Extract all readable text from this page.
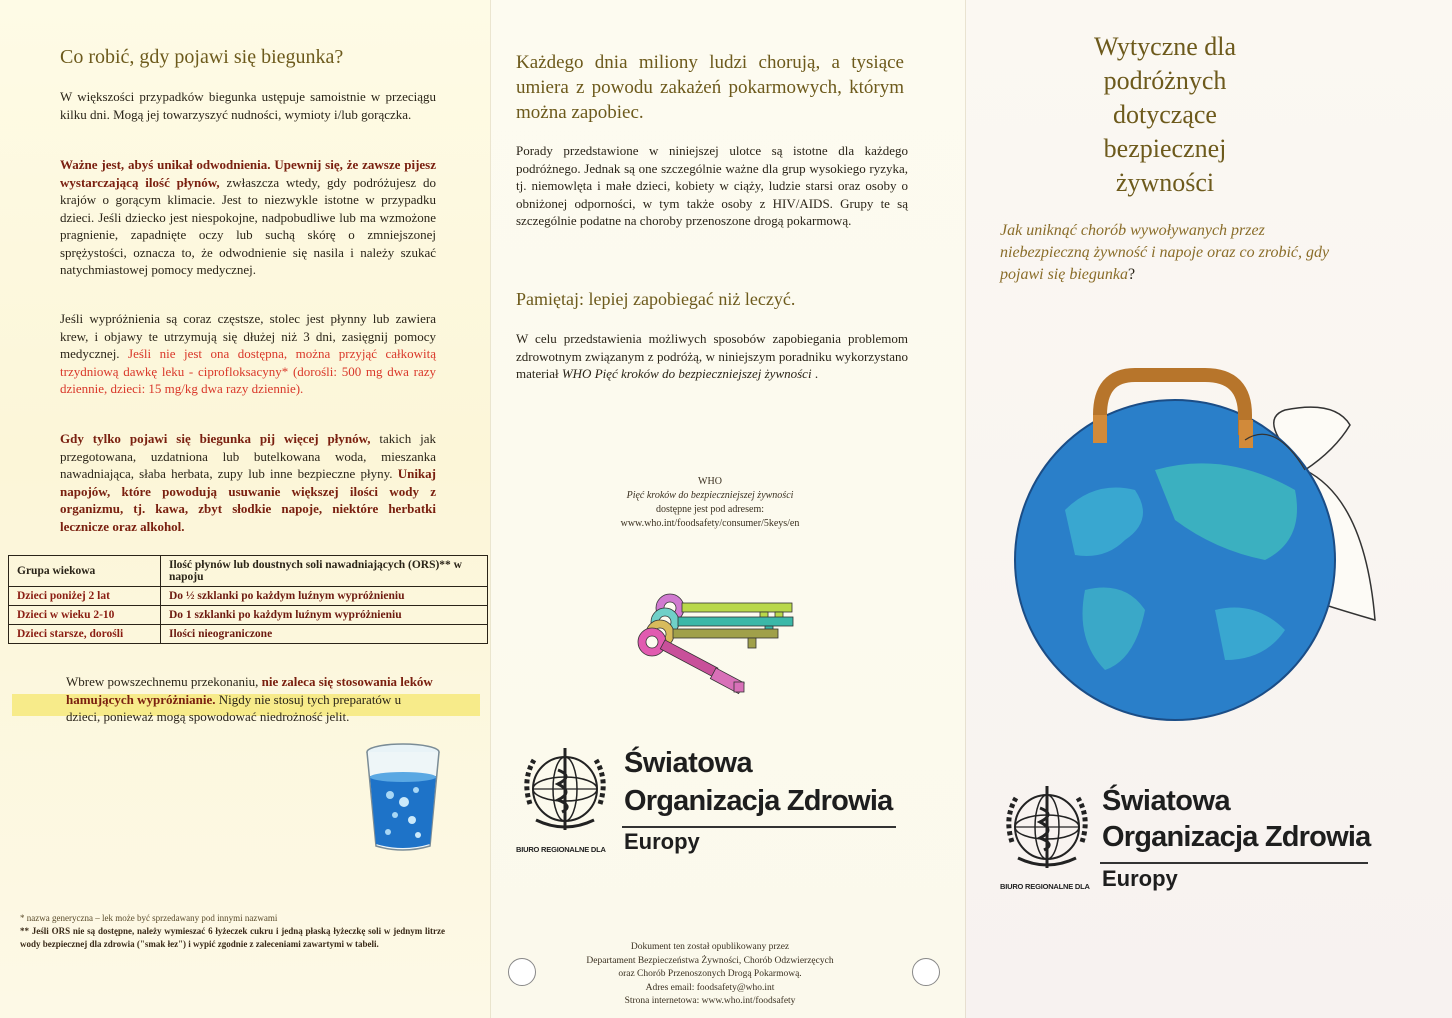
Co robić, gdy pojawi się biegunka?
W większości przypadków biegunka ustępuje samoistnie w przeciągu kilku dni. Mogą jej towarzyszyć nudności, wymioty i/lub gorączka.
Ważne jest, abyś unikał odwodnienia. Upewnij się, że zawsze pijesz wystarczającą ilość płynów, zwłaszcza wtedy, gdy podróżujesz do krajów o gorącym klimacie. Jest to niezwykle istotne w przypadku dzieci. Jeśli dziecko jest niespokojne, nadpobudliwe lub ma wzmożone pragnienie, zapadnięte oczy lub suchą skórę o zmniejszonej sprężystości, oznacza to, że odwodnienie się nasila i należy szukać natychmiastowej pomocy medycznej.
Jeśli wypróżnienia są coraz częstsze, stolec jest płynny lub zawiera krew, i objawy te utrzymują się dłużej niż 3 dni, zasięgnij pomocy medycznej. Jeśli nie jest ona dostępna, można przyjąć całkowitą trzydniową dawkę leku - ciprofloksacyny* (dorośli: 500 mg dwa razy dziennie, dzieci: 15 mg/kg dwa razy dziennie).
Gdy tylko pojawi się biegunka pij więcej płynów, takich jak przegotowana, uzdatniona lub butelkowana woda, mieszanka nawadniająca, słaba herbata, zupy lub inne bezpieczne płyny. Unikaj napojów, które powodują usuwanie większej ilości wody z organizmu, tj. kawa, zbyt słodkie napoje, niektóre herbatki lecznicze oraz alkohol.
Grupa wiekowa	Ilość płynów lub doustnych soli nawadniających (ORS)** w napoju
Dzieci poniżej 2 lat	Do ½ szklanki po każdym luźnym wypróżnieniu
Dzieci w wieku 2-10	Do 1 szklanki po każdym luźnym wypróżnieniu
Dzieci starsze, dorośli	Ilości nieograniczone
Wbrew powszechnemu przekonaniu, nie zaleca się stosowania leków hamujących wypróżnianie. Nigdy nie stosuj tych preparatów u dzieci, ponieważ mogą spowodować niedrożność jelit.
* nazwa generyczna – lek może być sprzedawany pod innymi nazwami
** Jeśli ORS nie są dostępne, należy wymieszać 6 łyżeczek cukru i jedną płaską łyżeczkę soli w jednym litrze wody bezpiecznej dla zdrowia ("smak łez") i wypić zgodnie z zaleceniami zawartymi w tabeli.
Każdego dnia miliony ludzi chorują, a tysiące umiera z powodu zakażeń pokarmowych, którym można zapobiec.
Porady przedstawione w niniejszej ulotce są istotne dla każdego podróżnego. Jednak są one szczególnie ważne dla grup wysokiego ryzyka, tj. niemowlęta i małe dzieci, kobiety w ciąży, ludzie starsi oraz osoby o obniżonej odporności, w tym także osoby z HIV/AIDS. Grupy te są szczególnie podatne na choroby przenoszone drogą pokarmową.
Pamiętaj: lepiej zapobiegać niż leczyć.
W celu przedstawienia możliwych sposobów zapobiegania problemom zdrowotnym związanym z podróżą, w niniejszym poradniku wykorzystano materiał WHO Pięć kroków do bezpieczniejszej żywności .
WHO
Pięć kroków do bezpieczniejszej żywności
dostępne jest pod adresem:
www.who.int/foodsafety/consumer/5keys/en
Światowa
Organizacja Zdrowia
BIURO REGIONALNE DLA Europy
Dokument ten został opublikowany przez
Departament Bezpieczeństwa Żywności, Chorób Odzwierzęcych
oraz Chorób Przenoszonych Drogą Pokarmową.
Adres email: foodsafety@who.int
Strona internetowa: www.who.int/foodsafety
Wytyczne dla
podróżnych
dotyczące
bezpiecznej
żywności
Jak uniknąć chorób wywoływanych przez niebezpieczną żywność i napoje oraz co zrobić, gdy pojawi się biegunka?
Światowa
Organizacja Zdrowia
BIURO REGIONALNE DLA Europy
